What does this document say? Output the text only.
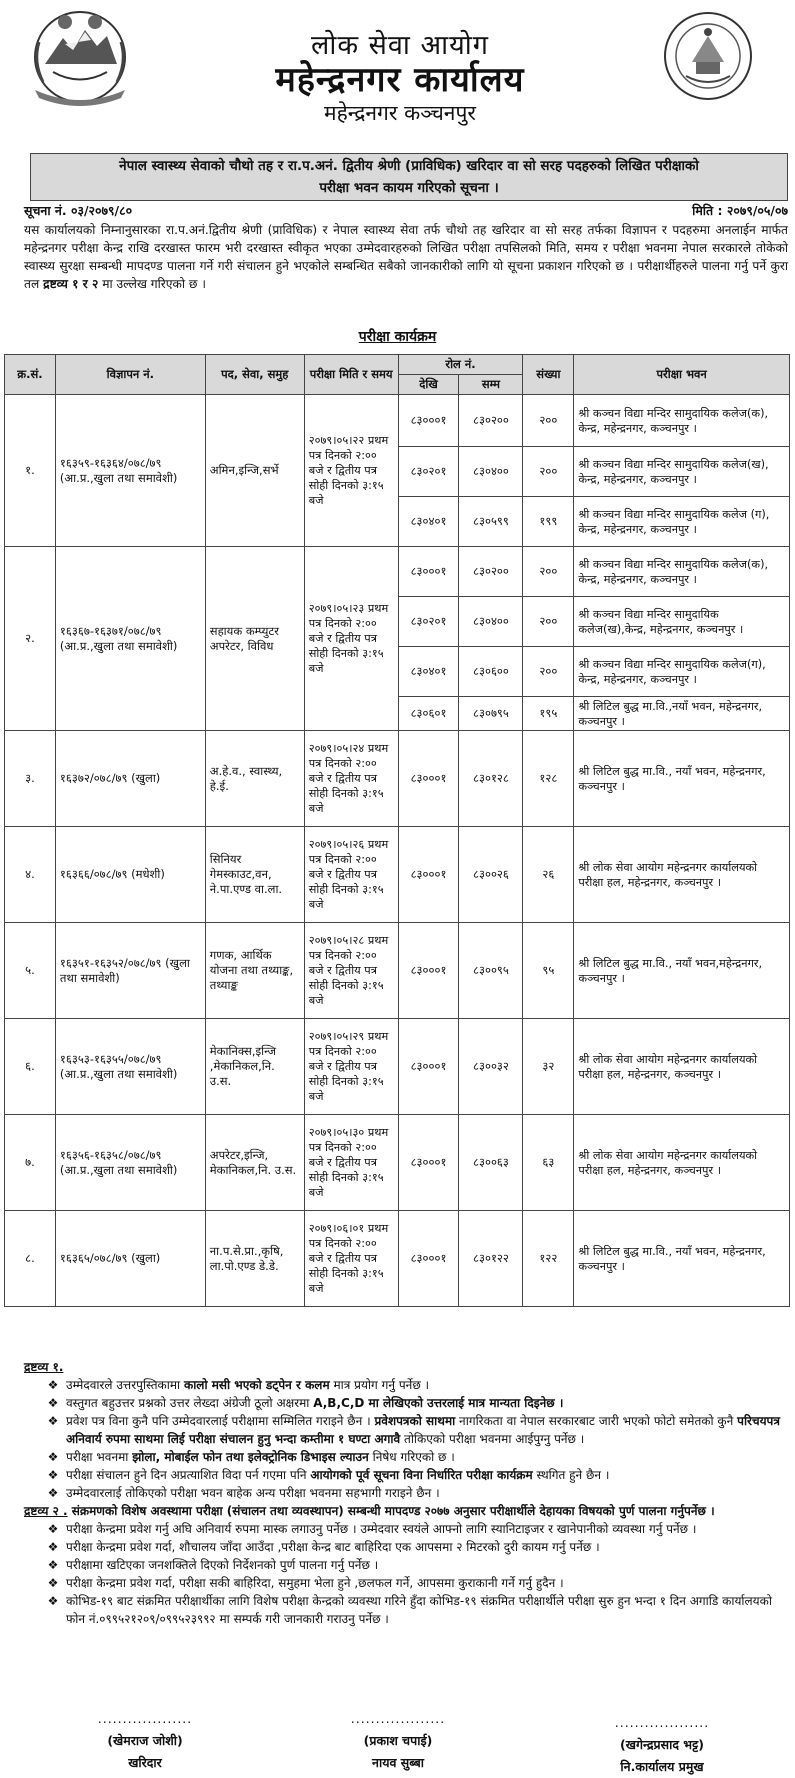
लोक सेवा आयोग
महेन्द्रनगर कार्यालय
महेन्द्रनगर कञ्चनपुर
नेपाल स्वास्थ्य सेवाको चौथो तह र रा.प.अनं. द्वितीय श्रेणी (प्राविधिक) खरिदार वा सो सरह पदहरुको लिखित परीक्षाको
परीक्षा भवन कायम गरिएको सूचना ।
सूचना नं. ०३/२०७९/८०	मिति : २०७९/०५/०७
यस कार्यालयको निम्नानुसारका रा.प.अनं.द्वितीय श्रेणी (प्राविधिक) र नेपाल स्वास्थ्य सेवा तर्फ चौथो तह खरिदार वा सो सरह तर्फका विज्ञापन र पदहरुमा अनलाईन मार्फत महेन्द्रनगर परीक्षा केन्द्र राखि दरखास्त फारम भरी दरखास्त स्वीकृत भएका उम्मेदवारहरुको लिखित परीक्षा तपसिलको मिति, समय र परीक्षा भवनमा नेपाल सरकारले तोकेको स्वास्थ्य सुरक्षा सम्बन्धी मापदण्ड पालना गर्ने गरी संचालन हुने भएकोले सम्बन्धित सबैको जानकारीको लागि यो सूचना प्रकाशन गरिएको छ । परीक्षार्थीहरुले पालना गर्नु पर्ने कुरा तल द्रष्टव्य १ र २ मा उल्लेख गरिएको छ ।
परीक्षा कार्यक्रम
क्र.सं.	विज्ञापन नं.	पद, सेवा, समुह	परीक्षा मिति र समय	रोल नं.		संख्या	परीक्षा भवन
				देखि	सम्म		
१.	१६३५९-१६३६४/०७८/७९ (आ.प्र.,खुला तथा समावेशी)	अमिन,इन्जि,सर्भे	२०७९।०५।२२ प्रथम पत्र दिनको २:०० बजे र द्वितीय पत्र सोही दिनको ३:१५ बजे	८३०००१	८३०२००	२००	श्री कञ्चन विद्या मन्दिर सामुदायिक कलेज(क), केन्द्र, महेन्द्रनगर, कञ्चनपुर ।
				८३०२०१	८३०४००	२००	श्री कञ्चन विद्या मन्दिर सामुदायिक कलेज(ख), केन्द्र, महेन्द्रनगर, कञ्चनपुर ।
				८३०४०१	८३०५९९	१९९	श्री कञ्चन विद्या मन्दिर सामुदायिक कलेज (ग), केन्द्र, महेन्द्रनगर, कञ्चनपुर ।
२.	१६३६७-१६३७१/०७८/७९ (आ.प्र.,खुला तथा समावेशी)	सहायक कम्प्युटर अपरेटर, विविध	२०७९।०५।२३ प्रथम पत्र दिनको २:०० बजे र द्वितीय पत्र सोही दिनको ३:१५ बजे	८३०००१	८३०२००	२००	श्री कञ्चन विद्या मन्दिर सामुदायिक कलेज(क), केन्द्र, महेन्द्रनगर, कञ्चनपुर ।
				८३०२०१	८३०४००	२००	श्री कञ्चन विद्या मन्दिर सामुदायिक कलेज(ख),केन्द्र, महेन्द्रनगर, कञ्चनपुर ।
				८३०४०१	८३०६००	२००	श्री कञ्चन विद्या मन्दिर सामुदायिक कलेज(ग), केन्द्र, महेन्द्रनगर, कञ्चनपुर ।
				८३०६०१	८३०७९५	१९५	श्री लिटिल बुद्ध मा.वि.,नयाँ भवन, महेन्द्रनगर, कञ्चनपुर ।
३.	१६३७२/०७८/७९ (खुला)	अ.हे.व., स्वास्थ्य, हे.ई.	२०७९।०५।२४ प्रथम पत्र दिनको २:०० बजे र द्वितीय पत्र सोही दिनको ३:१५ बजे	८३०००१	८३०१२८	१२८	श्री लिटिल बुद्ध मा.वि., नयाँ भवन, महेन्द्रनगर, कञ्चनपुर ।
४.	१६३६६/०७८/७९ (मधेशी)	सिनियर गेमस्काउट,वन, ने.पा.एण्ड वा.ला.	२०७९।०५।२६ प्रथम पत्र दिनको २:०० बजे र द्वितीय पत्र सोही दिनको ३:१५ बजे	८३०००१	८३००२६	२६	श्री लोक सेवा आयोग महेन्द्रनगर कार्यालयको परीक्षा हल, महेन्द्रनगर, कञ्चनपुर ।
५.	१६३५१-१६३५२/०७८/७९ (खुला तथा समावेशी)	गणक, आर्थिक योजना तथा तथ्याङ्क, तथ्याङ्क	२०७९।०५।२८ प्रथम पत्र दिनको २:०० बजे र द्वितीय पत्र सोही दिनको ३:१५ बजे	८३०००१	८३००९५	९५	श्री लिटिल बुद्ध मा.वि., नयाँ भवन,महेन्द्रनगर, कञ्चनपुर ।
६.	१६३५३-१६३५५/०७८/७९ (आ.प्र.,खुला तथा समावेशी)	मेकानिक्स,इन्जि ,मेकानिकल,नि. उ.स.	२०७९।०५।२९ प्रथम पत्र दिनको २:०० बजे र द्वितीय पत्र सोही दिनको ३:१५ बजे	८३०००१	८३००३२	३२	श्री लोक सेवा आयोग महेन्द्रनगर कार्यालयको परीक्षा हल, महेन्द्रनगर, कञ्चनपुर ।
७.	१६३५६-१६३५८/०७८/७९ (आ.प्र.,खुला तथा समावेशी)	अपरेटर,इन्जि, मेकानिकल,नि. उ.स.	२०७९।०५।३० प्रथम पत्र दिनको २:०० बजे र द्वितीय पत्र सोही दिनको ३:१५ बजे	८३०००१	८३००६३	६३	श्री लोक सेवा आयोग महेन्द्रनगर कार्यालयको परीक्षा हल, महेन्द्रनगर, कञ्चनपुर ।
८.	१६३६५/०७८/७९ (खुला)	ना.प.से.प्रा.,कृषि, ला.पो.एण्ड डे.डे.	२०७९।०६।०१ प्रथम पत्र दिनको २:०० बजे र द्वितीय पत्र सोही दिनको ३:१५ बजे	८३०००१	८३०१२२	१२२	श्री लिटिल बुद्ध मा.वि., नयाँ भवन, महेन्द्रनगर, कञ्चनपुर ।
द्रष्टव्य १.
❖ उम्मेदवारले उत्तरपुस्तिकामा कालो मसी भएको डट्पेन र कलम मात्र प्रयोग गर्नु पर्नेछ ।
❖ वस्तुगत बहुउत्तर प्रश्नको उत्तर लेख्दा अंग्रेजी ठूलो अक्षरमा A,B,C,D मा लेखिएको उत्तरलाई मात्र मान्यता दिइनेछ ।
❖ प्रवेश पत्र विना कुनै पनि उम्मेदवारलाई परीक्षामा सम्मिलित गराइने छैन । प्रवेशपत्रको साथमा नागरिकता वा नेपाल सरकारबाट जारी भएको फोटो समेतको कुनै परिचयपत्र अनिवार्य रुपमा साथमा लिई परीक्षा संचालन हुनु भन्दा कम्तीमा १ घण्टा अगावै तोकिएको परीक्षा भवनमा आईपुग्नु पर्नेछ ।
❖ परीक्षा भवनमा झोला, मोबाईल फोन तथा इलेक्ट्रोनिक डिभाइस ल्याउन निषेध गरिएको छ ।
❖ परीक्षा संचालन हुने दिन अप्रत्याशित विदा पर्न गएमा पनि आयोगको पूर्व सूचना विना निर्धारित परीक्षा कार्यक्रम स्थगित हुने छैन ।
❖ उम्मेदवारलाई तोकिएको परीक्षा भवन बाहेक अन्य परीक्षा भवनमा सहभागी गराइने छैन ।
द्रष्टव्य २ . संक्रमणको विशेष अवस्थामा परीक्षा (संचालन तथा व्यवस्थापन) सम्बन्धी मापदण्ड २०७७ अनुसार परीक्षार्थीले देहायका विषयको पुर्ण पालना गर्नुपर्नेछ ।
❖ परीक्षा केन्द्रमा प्रवेश गर्नु अघि अनिवार्य रुपमा मास्क लगाउनु पर्नेछ । उम्मेदवार स्वयंले आफ्नो लागि स्यानिटाइजर र खानेपानीको व्यवस्था गर्नु पर्नेछ ।
❖ परीक्षा केन्द्रमा प्रवेश गर्दा, शौचालय जाँदा आउँदा ,परीक्षा केन्द्र बाट बाहिरिदा एक आपसमा २ मिटरको दुरी कायम गर्नु पर्नेछ ।
❖ परीक्षामा खटिएका जनशक्तिले दिएको निर्देशनको पुर्ण पालना गर्नु पर्नेछ ।
❖ परीक्षा केन्द्रमा प्रवेश गर्दा, परीक्षा सकी बाहिरिदा, समुहमा भेला हुने ,छलफल गर्ने, आपसमा कुराकानी गर्ने गर्नु हुदैन ।
❖ कोभिड-१९ बाट संक्रमित परीक्षार्थीका लागि विशेष परीक्षा केन्द्रको व्यवस्था गरिने हुँदा कोभिड-१९ संक्रमित परीक्षार्थीले परीक्षा सुरु हुन भन्दा १ दिन अगाडि कार्यालयको फोन नं.०९९५२१२०९/०९९५२३९९२ मा सम्पर्क गरी जानकारी गराउनु पर्नेछ ।
...................
(खेमराज जोशी)
खरिदार
...................
(प्रकाश चपाई)
नायव सुब्बा
...................
(खगेन्द्रप्रसाद भट्ट)
नि.कार्यालय प्रमुख
